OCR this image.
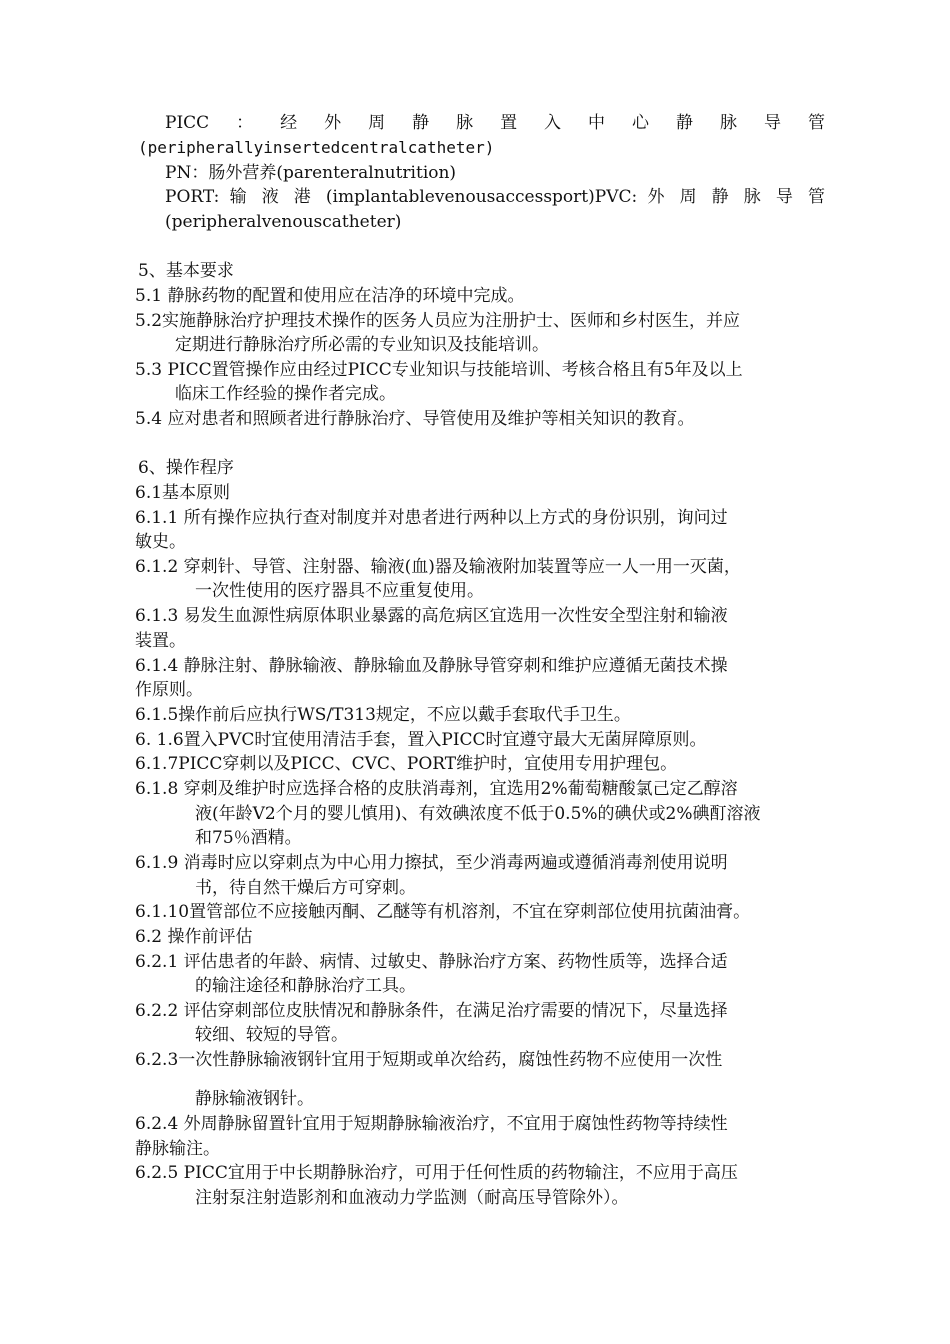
PICC ： 经 外 周 静 脉 置 入 中 心 静 脉 导 管
(peripherallyinsertedcentralcatheter)
PN：肠外营养(parenteralnutrition)
PORT: 输 液 港 (implantablevenousaccessport)PVC: 外 周 静 脉 导 管
(peripheralvenouscatheter)
5、基本要求
5.1 静脉药物的配置和使用应在洁净的环境中完成。
5.2实施静脉治疗护理技术操作的医务人员应为注册护士、医师和乡村医生，并应
定期进行静脉治疗所必需的专业知识及技能培训。
5.3 PICC置管操作应由经过PICC专业知识与技能培训、考核合格且有5年及以上
临床工作经验的操作者完成。
5.4 应对患者和照顾者进行静脉治疗、导管使用及维护等相关知识的教育。
6、操作程序
6.1基本原则
6.1.1 所有操作应执行查对制度并对患者进行两种以上方式的身份识别，询问过
敏史。
6.1.2 穿刺针、导管、注射器、输液(血)器及输液附加装置等应一人一用一灭菌，
一次性使用的医疗器具不应重复使用。
6.1.3 易发生血源性病原体职业暴露的高危病区宜选用一次性安全型注射和输液
装置。
6.1.4 静脉注射、静脉输液、静脉输血及静脉导管穿刺和维护应遵循无菌技术操
作原则。
6.1.5操作前后应执行WS/T313规定，不应以戴手套取代手卫生。
6. 1.6置入PVC时宜使用清洁手套，置入PICC时宜遵守最大无菌屏障原则。
6.1.7PICC穿刺以及PICC、CVC、PORT维护时，宜使用专用护理包。
6.1.8 穿刺及维护时应选择合格的皮肤消毒剂，宜选用2%葡萄糖酸氯己定乙醇溶
液(年龄V2个月的婴儿慎用)、有效碘浓度不低于0.5%的碘伏或2%碘酊溶液
和75％酒精。
6.1.9 消毒时应以穿刺点为中心用力擦拭，至少消毒两遍或遵循消毒剂使用说明
书，待自然干燥后方可穿刺。
6.1.10置管部位不应接触丙酮、乙醚等有机溶剂，不宜在穿刺部位使用抗菌油膏。
6.2 操作前评估
6.2.1 评估患者的年龄、病情、过敏史、静脉治疗方案、药物性质等，选择合适
的输注途径和静脉治疗工具。
6.2.2 评估穿刺部位皮肤情况和静脉条件，在满足治疗需要的情况下，尽量选择
较细、较短的导管。
6.2.3一次性静脉输液钢针宜用于短期或单次给药，腐蚀性药物不应使用一次性
静脉输液钢针。
6.2.4 外周静脉留置针宜用于短期静脉输液治疗，不宜用于腐蚀性药物等持续性
静脉输注。
6.2.5 PICC宜用于中长期静脉治疗，可用于任何性质的药物输注，不应用于高压
注射泵注射造影剂和血液动力学监测（耐高压导管除外）。
